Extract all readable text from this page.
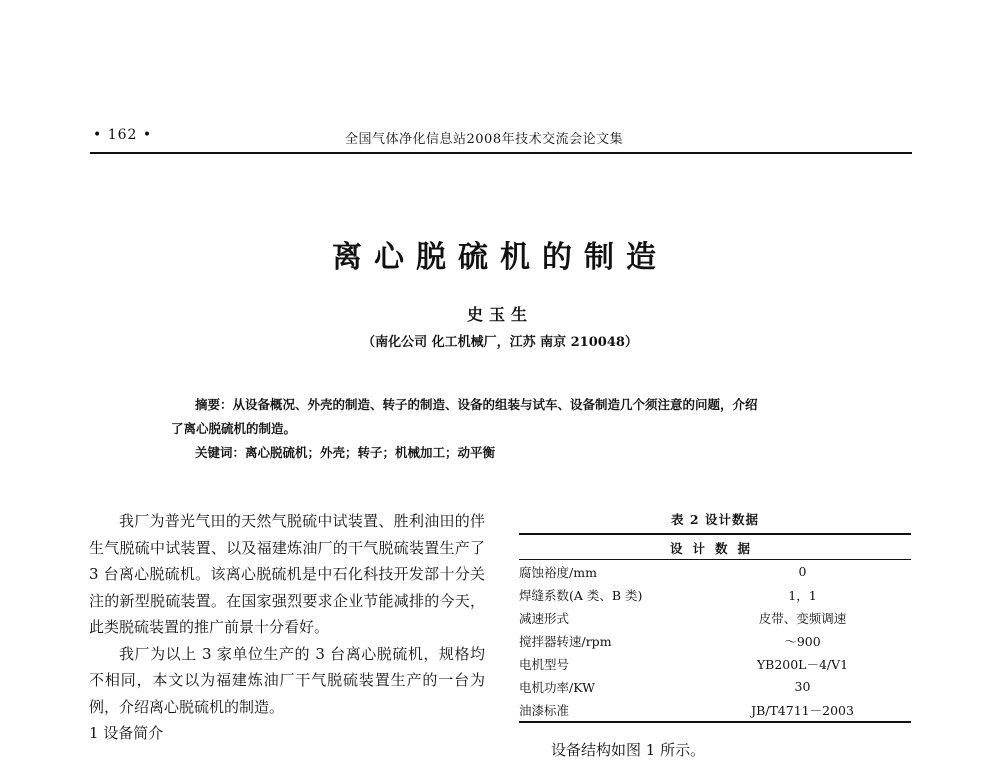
• 162 •	全国气体净化信息站2008年技术交流会论文集
离心脱硫机的制造
史玉生
（南化公司 化工机械厂，江苏 南京 210048）

摘要：从设备概况、外壳的制造、转子的制造、设备的组装与试车、设备制造几个须注意的问题，介绍

了离心脱硫机的制造。

关键词：离心脱硫机；外壳；转子；机械加工；动平衡

我厂为普光气田的天然气脱硫中试装置、胜利油田的伴生气脱硫中试装置、以及福建炼油厂的干气脱硫装置生产了 3 台离心脱硫机。该离心脱硫机是中石化科技开发部十分关注的新型脱硫装置。在国家强烈要求企业节能减排的今天，此类脱硫装置的推广前景十分看好。

我厂为以上 3 家单位生产的 3 台离心脱硫机，规格均不相同，本文以为福建炼油厂干气脱硫装置生产的一台为例，介绍离心脱硫机的制造。

1 设备简介

表 2 设计数据

设计数据	
腐蚀裕度/mm	0
焊缝系数(A 类、B 类)	1，1
减速形式	皮带、变频调速
搅拌器转速/rpm	～900
电机型号	YB200L－4/V1
电机功率/KW	30
油漆标准	JB/T4711－2003
设备结构如图 1 所示。
